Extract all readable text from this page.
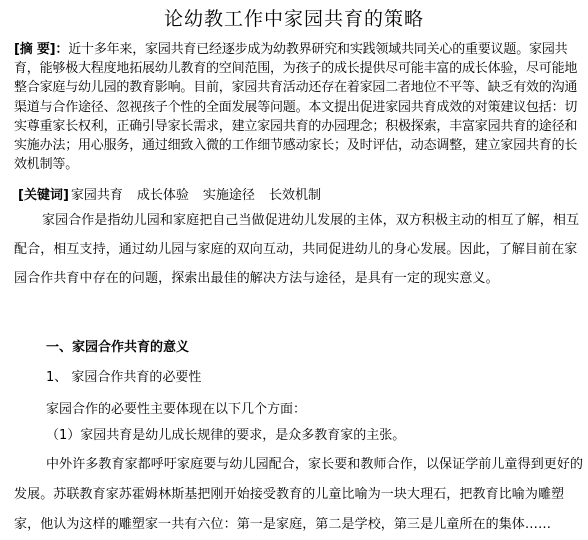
论幼教工作中家园共育的策略
[摘 要]：近十多年来，家园共育已经逐步成为幼教界研究和实践领域共同关心的重要议题。家园共育，能够极大程度地拓展幼儿教育的空间范围，为孩子的成长提供尽可能丰富的成长体验，尽可能地整合家庭与幼儿园的教育影响。目前，家园共育活动还存在着家园二者地位不平等、缺乏有效的沟通渠道与合作途径、忽视孩子个性的全面发展等问题。本文提出促进家园共育成效的对策建议包括：切实尊重家长权利，正确引导家长需求，建立家园共育的办园理念；积极探索，丰富家园共育的途径和实施办法；用心服务，通过细致入微的工作细节感动家长；及时评估，动态调整，建立家园共育的长效机制等。
[关键词] 家园共育 成长体验 实施途径 长效机制
家园合作是指幼儿园和家庭把自己当做促进幼儿发展的主体，双方积极主动的相互了解，相互配合，相互支持，通过幼儿园与家庭的双向互动，共同促进幼儿的身心发展。因此，了解目前在家园合作共育中存在的问题，探索出最佳的解决方法与途径，是具有一定的现实意义。
一、家园合作共育的意义
1、 家园合作共育的必要性
家园合作的必要性主要体现在以下几个方面：
（1）家园共育是幼儿成长规律的要求，是众多教育家的主张。
中外许多教育家都呼吁家庭要与幼儿园配合，家长要和教师合作，以保证学前儿童得到更好的发展。苏联教育家苏霍姆林斯基把刚开始接受教育的儿童比喻为一块大理石，把教育比喻为雕塑家，他认为这样的雕塑家一共有六位：第一是家庭，第二是学校，第三是儿童所在的集体……
